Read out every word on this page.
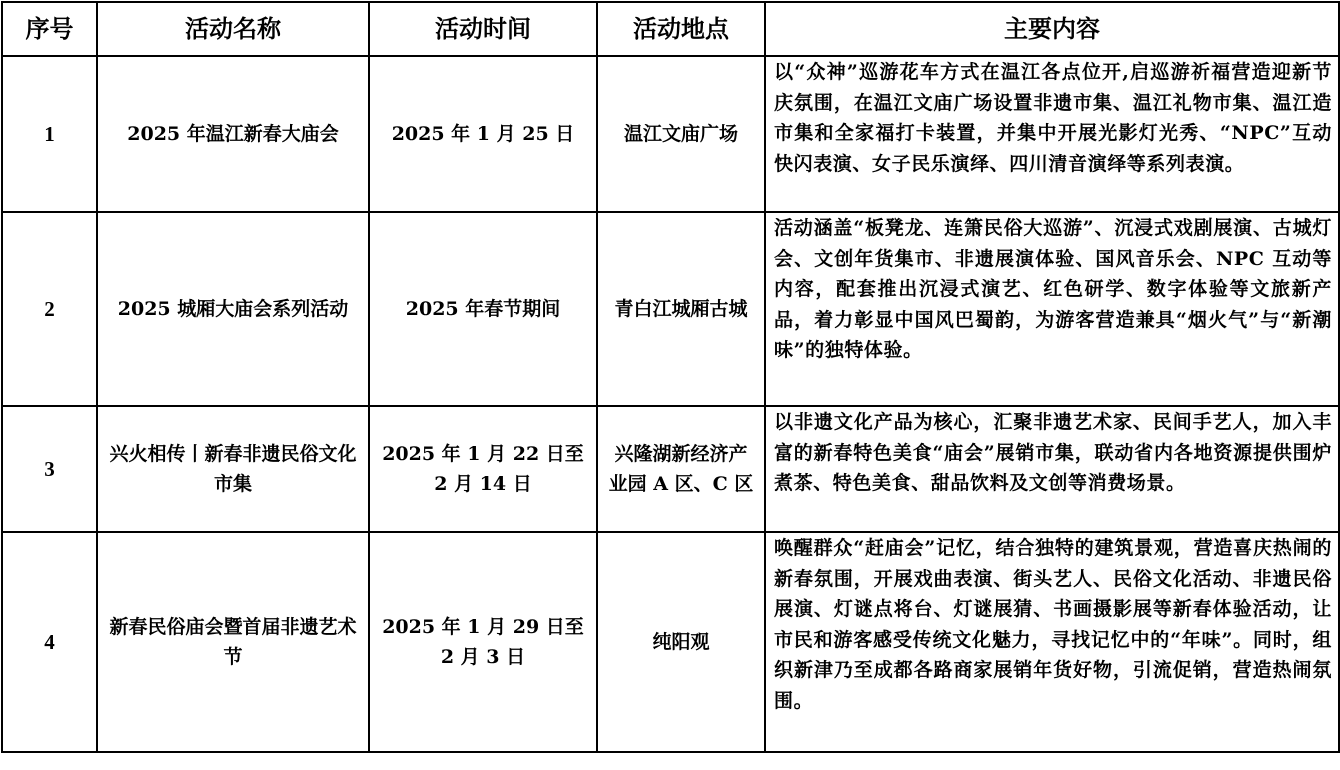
序号	活动名称	活动时间	活动地点	主要内容
1	2025 年温江新春大庙会	2025 年 1 月 25 日	温江文庙广场	以“众神”巡游花车方式在温江各点位开,启巡游祈福营造迎新节庆氛围，在温江文庙广场设置非遗市集、温江礼物市集、温江造市集和全家福打卡装置，并集中开展光影灯光秀、“NPC”互动快闪表演、女子民乐演绎、四川清音演绎等系列表演。
2	2025 城厢大庙会系列活动	2025 年春节期间	青白江城厢古城	活动涵盖“板凳龙、连箫民俗大巡游”、沉浸式戏剧展演、古城灯会、文创年货集市、非遗展演体验、国风音乐会、NPC 互动等内容，配套推出沉浸式演艺、红色研学、数字体验等文旅新产品，着力彰显中国风巴蜀韵，为游客营造兼具“烟火气”与“新潮味”的独特体验。
3	兴火相传丨新春非遗民俗文化市集	2025 年 1 月 22 日至 2 月 14 日	兴隆湖新经济产业园 A 区、C 区	以非遗文化产品为核心，汇聚非遗艺术家、民间手艺人，加入丰富的新春特色美食“庙会”展销市集，联动省内各地资源提供围炉煮茶、特色美食、甜品饮料及文创等消费场景。
4	新春民俗庙会暨首届非遗艺术节	2025 年 1 月 29 日至 2 月 3 日	纯阳观	唤醒群众“赶庙会”记忆，结合独特的建筑景观，营造喜庆热闹的新春氛围，开展戏曲表演、街头艺人、民俗文化活动、非遗民俗展演、灯谜点将台、灯谜展猜、书画摄影展等新春体验活动，让市民和游客感受传统文化魅力，寻找记忆中的“年味”。同时，组织新津乃至成都各路商家展销年货好物，引流促销，营造热闹氛围。
